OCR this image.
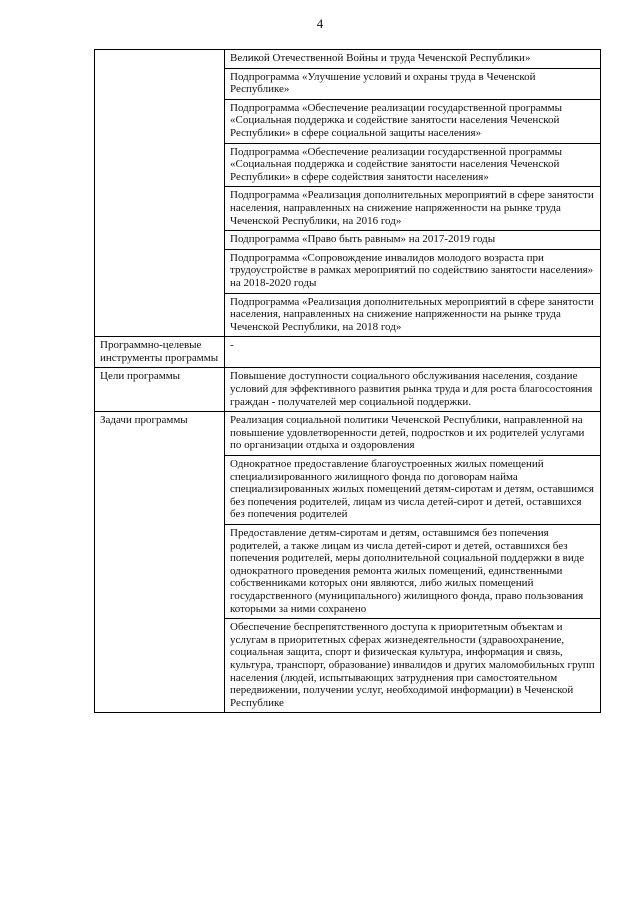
4

	Великой Отечественной Войны и труда Чеченской Республики»

	Подпрограмма «Улучшение условий и охраны труда в Чеченской Республике»

	Подпрограмма «Обеспечение реализации государственной программы «Социальная поддержка и содействие занятости населения Чеченской Республики» в сфере социальной защиты населения»

	Подпрограмма «Обеспечение реализации государственной программы «Социальная поддержка и содействие занятости населения Чеченской Республики» в сфере содействия занятости населения»

	Подпрограмма «Реализация дополнительных мероприятий в сфере занятости населения, направленных на снижение напряженности на рынке труда Чеченской Республики, на 2016 год»

	Подпрограмма «Право быть равным» на 2017-2019 годы

	Подпрограмма «Сопровождение инвалидов молодого возраста при трудоустройстве в рамках мероприятий по содействию занятости населения» на 2018-2020 годы

	Подпрограмма «Реализация дополнительных мероприятий в сфере занятости населения, направленных на снижение напряженности на рынке труда Чеченской Республики, на 2018 год»

Программно-целевые инструменты программы	-

Цели программы	Повышение доступности социального обслуживания населения, создание условий для эффективного развития рынка труда и для роста благосостояния граждан - получателей мер социальной поддержки.

Задачи программы	Реализация социальной политики Чеченской Республики, направленной на повышение удовлетворенности детей, подростков и их родителей услугами по организации отдыха и оздоровления

	Однократное предоставление благоустроенных жилых помещений специализированного жилищного фонда по договорам найма специализированных жилых помещений детям-сиротам и детям, оставшимся без попечения родителей, лицам из числа детей-сирот и детей, оставшихся без попечения родителей

	Предоставление детям-сиротам и детям, оставшимся без попечения родителей, а также лицам из числа детей-сирот и детей, оставшихся без попечения родителей, меры дополнительной социальной поддержки в виде однократного проведения ремонта жилых помещений, единственными собственниками которых они являются, либо жилых помещений государственного (муниципального) жилищного фонда, право пользования которыми за ними сохранено

	Обеспечение беспрепятственного доступа к приоритетным объектам и услугам в приоритетных сферах жизнедеятельности (здравоохранение, социальная защита, спорт и физическая культура, информация и связь, культура, транспорт, образование) инвалидов и других маломобильных групп населения (людей, испытывающих затруднения при самостоятельном передвижении, получении услуг, необходимой информации) в Чеченской Республике
